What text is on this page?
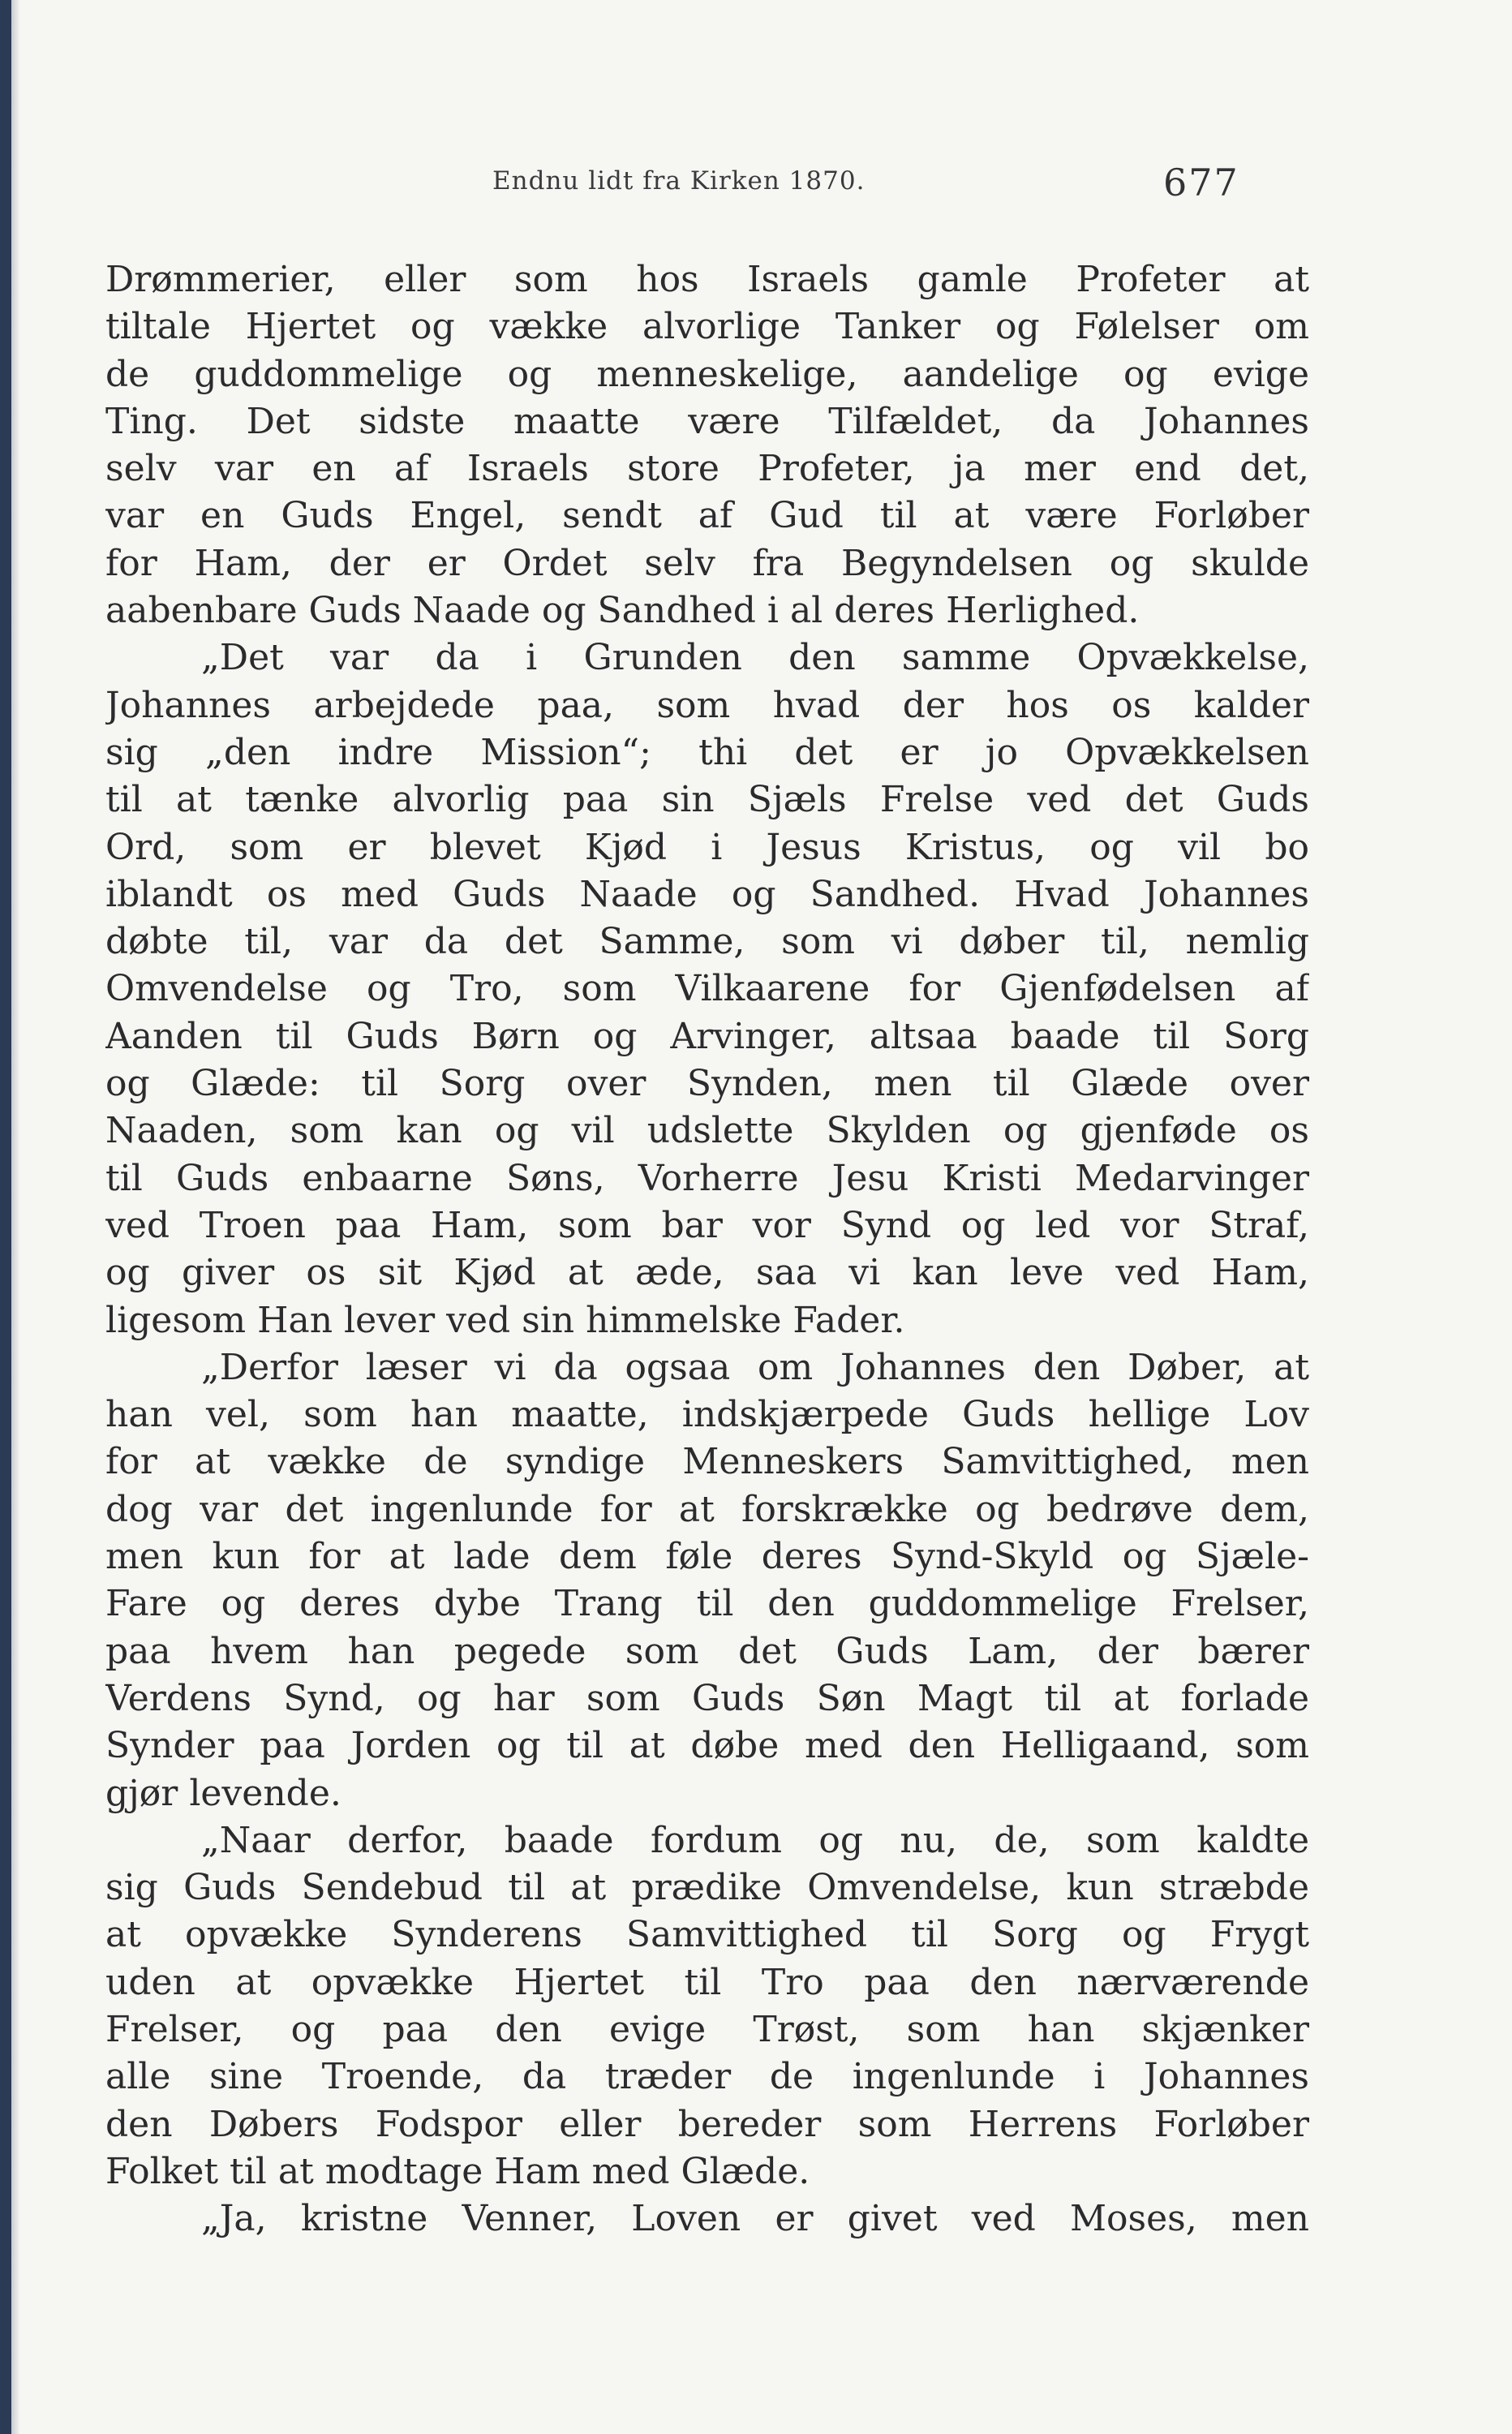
Endnu lidt fra Kirken 1870.	677
Drømmerier, eller som hos Israels gamle Profeter at
tiltale Hjertet og vække alvorlige Tanker og Følelser om
de guddommelige og menneskelige, aandelige og evige
Ting. Det sidste maatte være Tilfældet, da Johannes
selv var en af Israels store Profeter, ja mer end det,
var en Guds Engel, sendt af Gud til at være Forløber
for Ham, der er Ordet selv fra Begyndelsen og skulde
aabenbare Guds Naade og Sandhed i al deres Herlighed.
„Det var da i Grunden den samme Opvækkelse,
Johannes arbejdede paa, som hvad der hos os kalder
sig „den indre Mission“; thi det er jo Opvækkelsen
til at tænke alvorlig paa sin Sjæls Frelse ved det Guds
Ord, som er blevet Kjød i Jesus Kristus, og vil bo
iblandt os med Guds Naade og Sandhed. Hvad Johannes
døbte til, var da det Samme, som vi døber til, nemlig
Omvendelse og Tro, som Vilkaarene for Gjenfødelsen af
Aanden til Guds Børn og Arvinger, altsaa baade til Sorg
og Glæde: til Sorg over Synden, men til Glæde over
Naaden, som kan og vil udslette Skylden og gjenføde os
til Guds enbaarne Søns, Vorherre Jesu Kristi Medarvinger
ved Troen paa Ham, som bar vor Synd og led vor Straf,
og giver os sit Kjød at æde, saa vi kan leve ved Ham,
ligesom Han lever ved sin himmelske Fader.
„Derfor læser vi da ogsaa om Johannes den Døber, at
han vel, som han maatte, indskjærpede Guds hellige Lov
for at vække de syndige Menneskers Samvittighed, men
dog var det ingenlunde for at forskrække og bedrøve dem,
men kun for at lade dem føle deres Synd-Skyld og Sjæle-
Fare og deres dybe Trang til den guddommelige Frelser,
paa hvem han pegede som det Guds Lam, der bærer
Verdens Synd, og har som Guds Søn Magt til at forlade
Synder paa Jorden og til at døbe med den Helligaand, som
gjør levende.
„Naar derfor, baade fordum og nu, de, som kaldte
sig Guds Sendebud til at prædike Omvendelse, kun stræbde
at opvække Synderens Samvittighed til Sorg og Frygt
uden at opvække Hjertet til Tro paa den nærværende
Frelser, og paa den evige Trøst, som han skjænker
alle sine Troende, da træder de ingenlunde i Johannes
den Døbers Fodspor eller bereder som Herrens Forløber
Folket til at modtage Ham med Glæde.
„Ja, kristne Venner, Loven er givet ved Moses, men
